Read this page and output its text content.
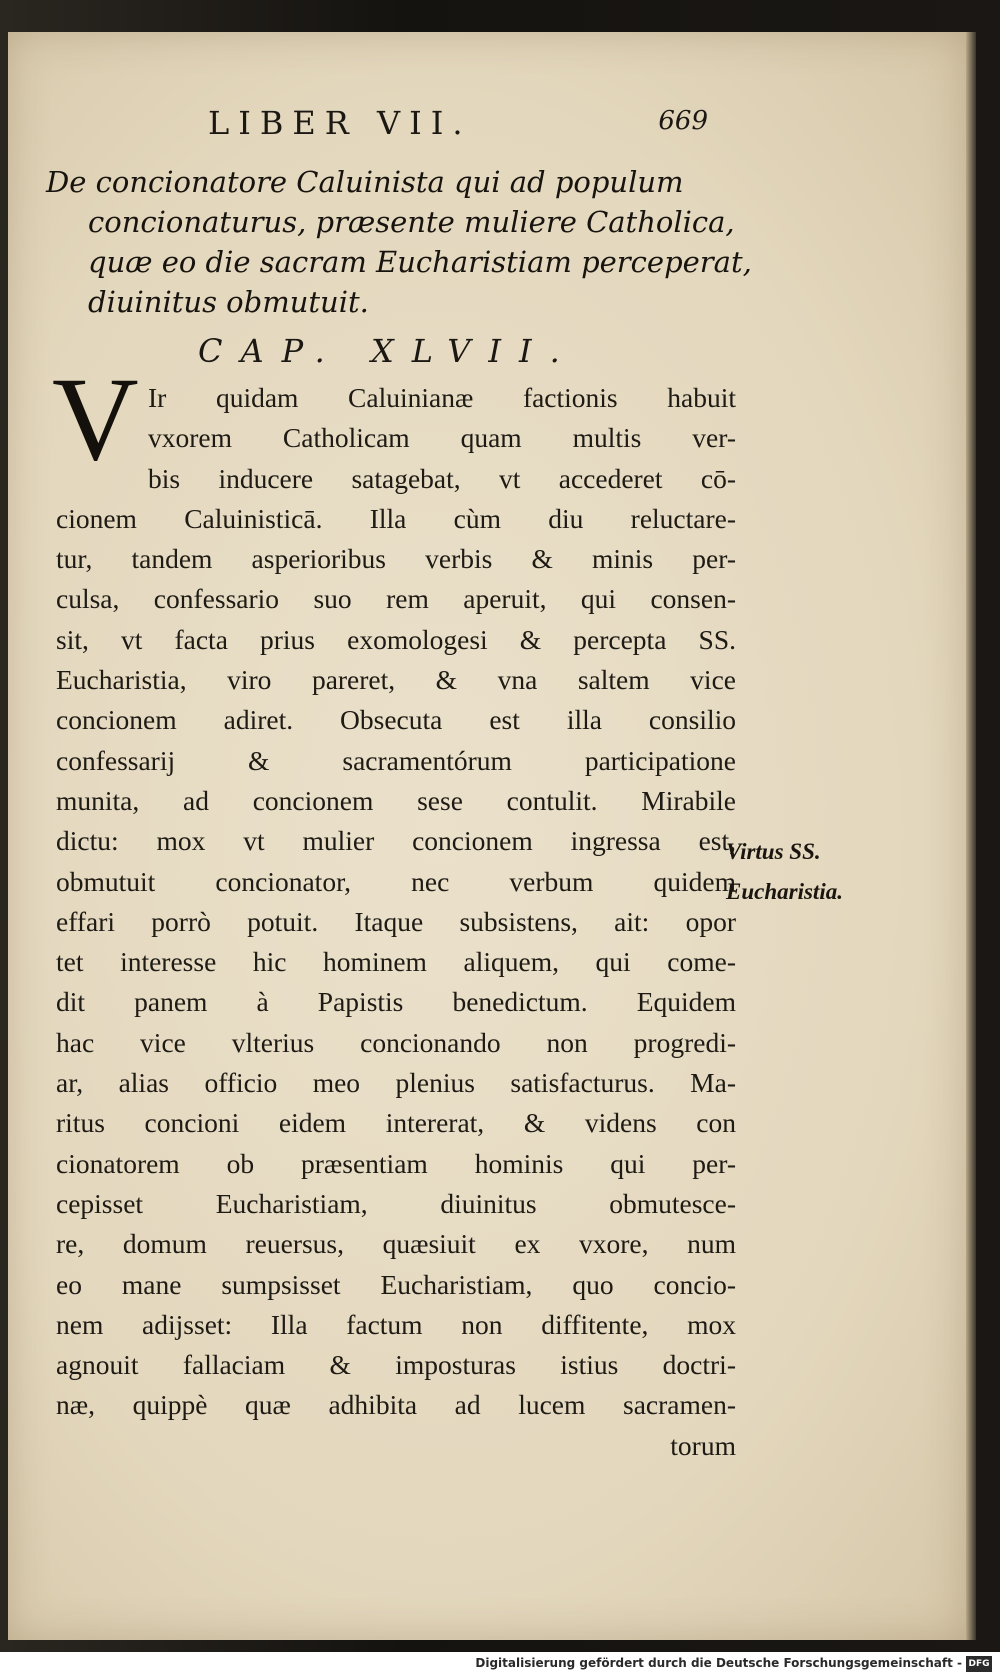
LIBER VII.	669
De concionatore Caluinista qui ad populum
concionaturus, præsente muliere Catholica,
quæ eo die sacram Eucharistiam perceperat,
diuinitus obmutuit.
CAP. XLVII.
V Ir quidam Caluinianæ factionis habuit
vxorem Catholicam quam multis ver-
bis inducere satagebat, vt accederet cō-
cionem Caluinisticā. Illa cùm diu reluctare-
tur, tandem asperioribus verbis & minis per-
culsa, confessario suo rem aperuit, qui consen-
sit, vt facta prius exomologesi & percepta SS.
Eucharistia, viro pareret, & vna saltem vice
concionem adiret. Obsecuta est illa consilio
confessarij & sacramentórum participatione
munita, ad concionem sese contulit. Mirabile
dictu: mox vt mulier concionem ingressa est,
obmutuit concionator, nec verbum quidem
effari porrò potuit. Itaque subsistens, ait: opor
tet interesse hic hominem aliquem, qui come-
dit panem à Papistis benedictum. Equidem
hac vice vlterius concionando non progredi-
ar, alias officio meo plenius satisfacturus. Ma-
ritus concioni eidem intererat, & videns con
cionatorem ob præsentiam hominis qui per-
cepisset Eucharistiam, diuinitus obmutesce-
re, domum reuersus, quæsiuit ex vxore, num
eo mane sumpsisset Eucharistiam, quo concio-
nem adijsset: Illa factum non diffitente, mox
agnouit fallaciam & imposturas istius doctri-
næ, quippè quæ adhibita ad lucem sacramen-
torum
Virtus SS.
Eucharistia.
Digitalisierung gefördert durch die Deutsche Forschungsgemeinschaft - DFG
